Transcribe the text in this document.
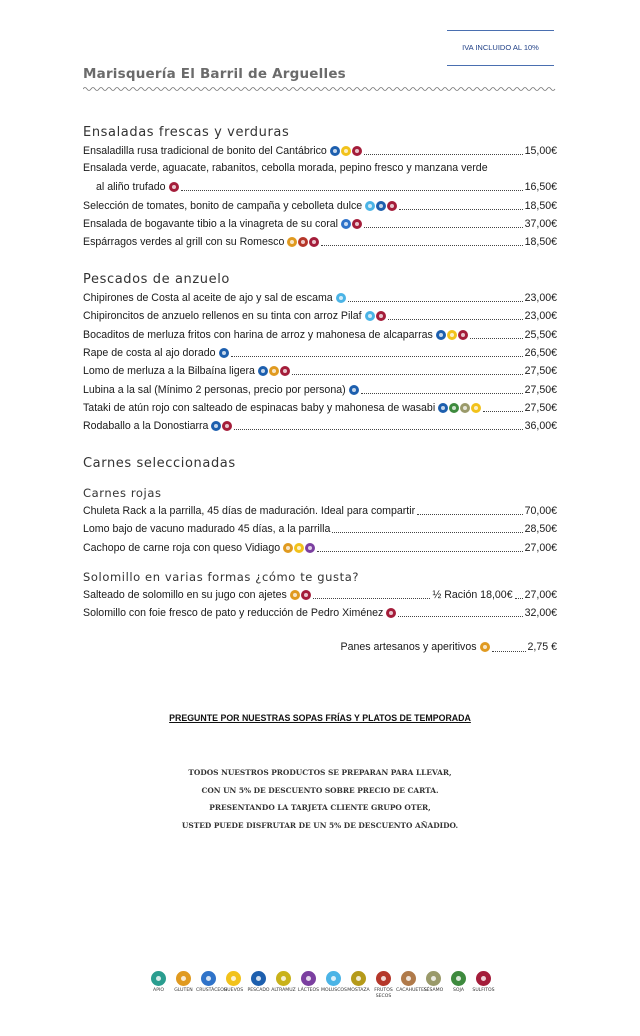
IVA INCLUIDO AL 10%
Marisquería El Barril de Arguelles
Ensaladas frescas y verduras
Ensaladilla rusa tradicional de bonito del Cantábrico	15,00€
Ensalada verde, aguacate, rabanitos, cebolla morada, pepino fresco y manzana verde
al aliño trufado	16,50€
Selección de tomates, bonito de campaña y cebolleta dulce	18,50€
Ensalada de bogavante tibio a la vinagreta de su coral	37,00€
Espárragos verdes al grill con su Romesco	18,50€
Pescados de anzuelo
Chipirones de Costa al aceite de ajo y sal de escama	23,00€
Chipironcitos de anzuelo rellenos en su tinta con arroz Pilaf	23,00€
Bocaditos de merluza fritos con harina de arroz y mahonesa de alcaparras	25,50€
Rape de costa al ajo dorado	26,50€
Lomo de merluza a la Bilbaína ligera	27,50€
Lubina a la sal (Mínimo 2 personas, precio por persona)	27,50€
Tataki de atún rojo con salteado de espinacas baby y mahonesa de wasabi	27,50€
Rodaballo a la Donostiarra	36,00€
Carnes seleccionadas
Carnes rojas
Chuleta Rack a la parrilla, 45 días de maduración. Ideal para compartir	70,00€
Lomo bajo de vacuno madurado 45 días, a la parrilla	28,50€
Cachopo de carne roja con queso Vidiago	27,00€
Solomillo en varias formas ¿cómo te gusta?
Salteado de solomillo en su jugo con ajetes	½ Ración 18,00€ 27,00€
Solomillo con foie fresco de pato y reducción de Pedro Ximénez	32,00€
Panes artesanos y aperitivos	2,75 €
PREGUNTE POR NUESTRAS SOPAS FRÍAS Y PLATOS DE TEMPORADA
TODOS NUESTROS PRODUCTOS SE PREPARAN PARA LLEVAR,
CON UN 5% DE DESCUENTO SOBRE PRECIO DE CARTA.
PRESENTANDO LA TARJETA CLIENTE GRUPO OTER,
USTED PUEDE DISFRUTAR DE UN 5% DE DESCUENTO AÑADIDO.
APIO GLUTEN CRUSTÁCEOS
HUEVOS PESCADO ALTRAMUZ LÁCTEOS MOLUSCOS MOSTAZA FRUTOS SECOS
CACAHUETES
SÉSAMO SOJA SULFITOS
